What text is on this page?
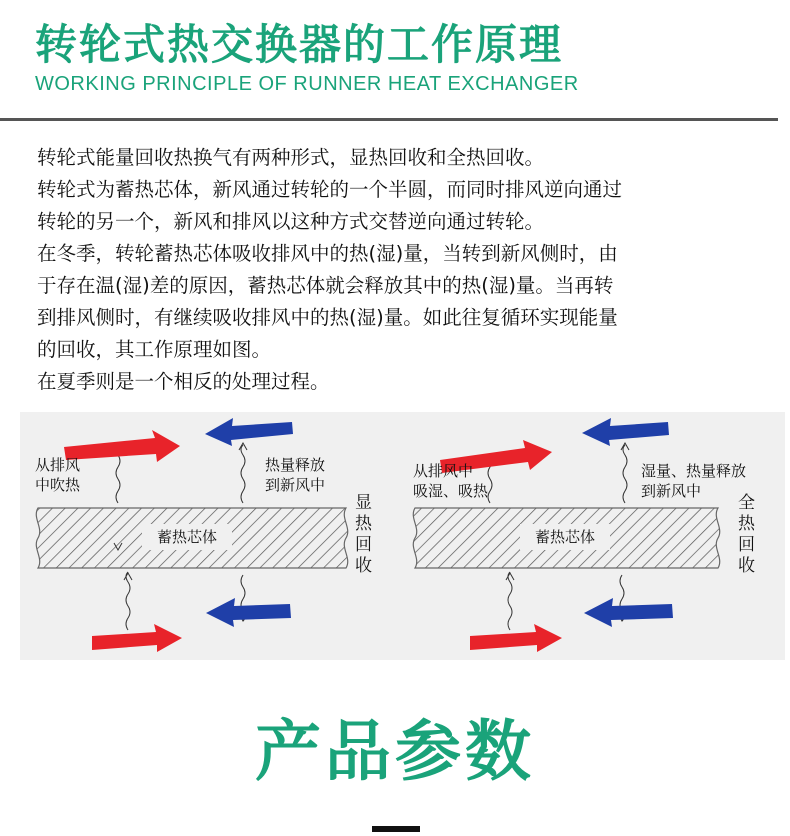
转轮式热交换器的工作原理
WORKING PRINCIPLE OF RUNNER HEAT EXCHANGER

转轮式能量回收热换气有两种形式，显热回收和全热回收。

转轮式为蓄热芯体，新风通过转轮的一个半圆，而同时排风逆向通过

转轮的另一个，新风和排风以这种方式交替逆向通过转轮。

在冬季，转轮蓄热芯体吸收排风中的热(湿)量，当转到新风侧时，由

于存在温(湿)差的原因，蓄热芯体就会释放其中的热(湿)量。当再转

到排风侧时，有继续吸收排风中的热(湿)量。如此往复循环实现能量

的回收，其工作原理如图。

在夏季则是一个相反的处理过程。

蓄热芯体
从排风
中吹热
热量释放
到新风中
显
热
回
收
蓄热芯体
从排风中
吸湿、吸热
湿量、热量释放
到新风中
全
热
回
收
产品参数
